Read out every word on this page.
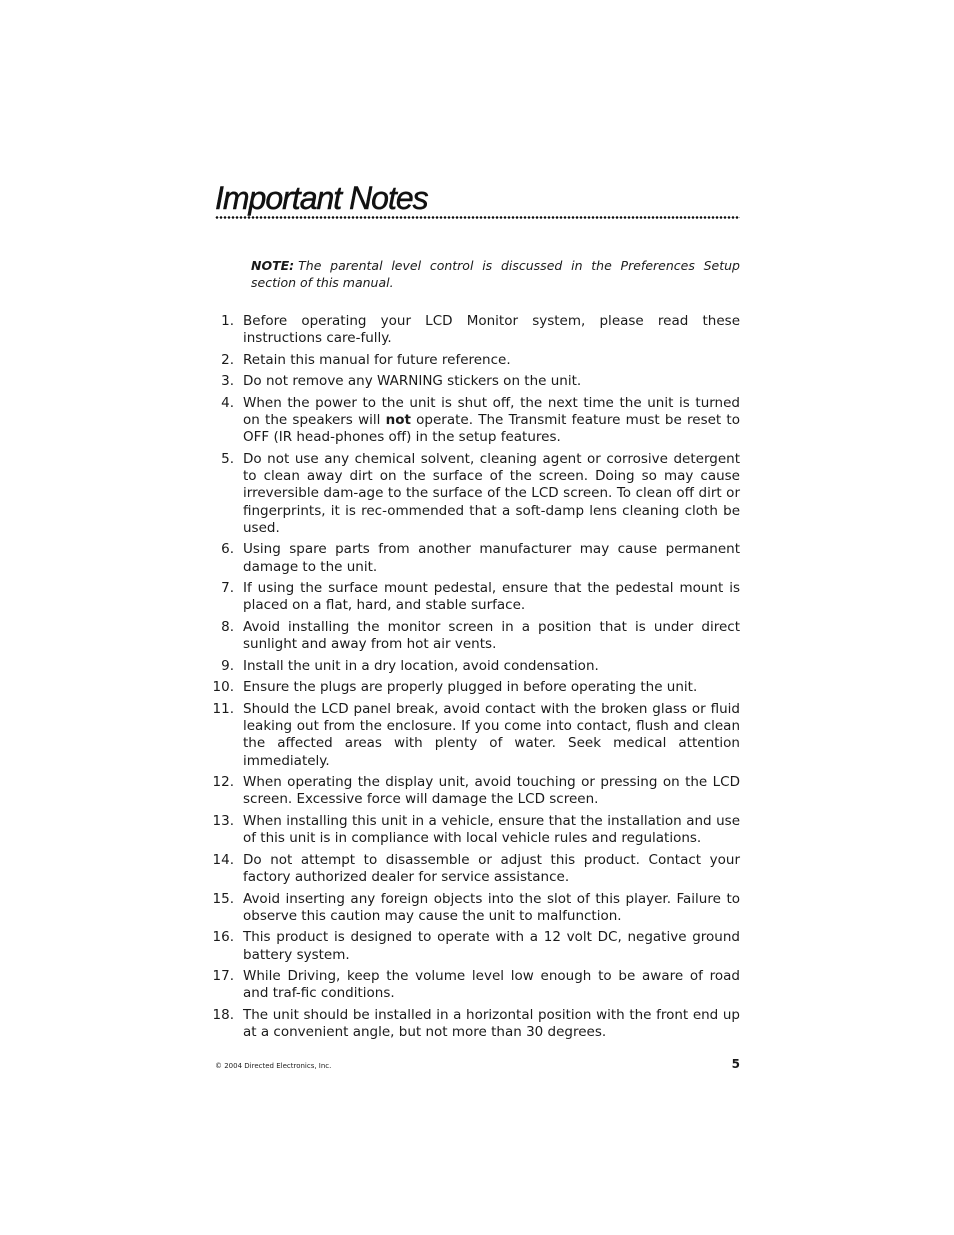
Important Notes
NOTE: The parental level control is discussed in the Preferences Setup section of this manual.
1. Before operating your LCD Monitor system, please read these instructions care-fully.
2. Retain this manual for future reference.
3. Do not remove any WARNING stickers on the unit.
4. When the power to the unit is shut off, the next time the unit is turned on the speakers will not operate. The Transmit feature must be reset to OFF (IR head-phones off) in the setup features.
5. Do not use any chemical solvent, cleaning agent or corrosive detergent to clean away dirt on the surface of the screen. Doing so may cause irreversible dam-age to the surface of the LCD screen. To clean off dirt or fingerprints, it is rec-ommended that a soft-damp lens cleaning cloth be used.
6. Using spare parts from another manufacturer may cause permanent damage to the unit.
7. If using the surface mount pedestal, ensure that the pedestal mount is placed on a flat, hard, and stable surface.
8. Avoid installing the monitor screen in a position that is under direct sunlight and away from hot air vents.
9. Install the unit in a dry location, avoid condensation.
10. Ensure the plugs are properly plugged in before operating the unit.
11. Should the LCD panel break, avoid contact with the broken glass or fluid leaking out from the enclosure. If you come into contact, flush and clean the affected areas with plenty of water. Seek medical attention immediately.
12. When operating the display unit, avoid touching or pressing on the LCD screen. Excessive force will damage the LCD screen.
13. When installing this unit in a vehicle, ensure that the installation and use of this unit is in compliance with local vehicle rules and regulations.
14. Do not attempt to disassemble or adjust this product. Contact your factory authorized dealer for service assistance.
15. Avoid inserting any foreign objects into the slot of this player. Failure to observe this caution may cause the unit to malfunction.
16. This product is designed to operate with a 12 volt DC, negative ground battery system.
17. While Driving, keep the volume level low enough to be aware of road and traf-fic conditions.
18. The unit should be installed in a horizontal position with the front end up at a convenient angle, but not more than 30 degrees.
© 2004 Directed Electronics, Inc.	5
